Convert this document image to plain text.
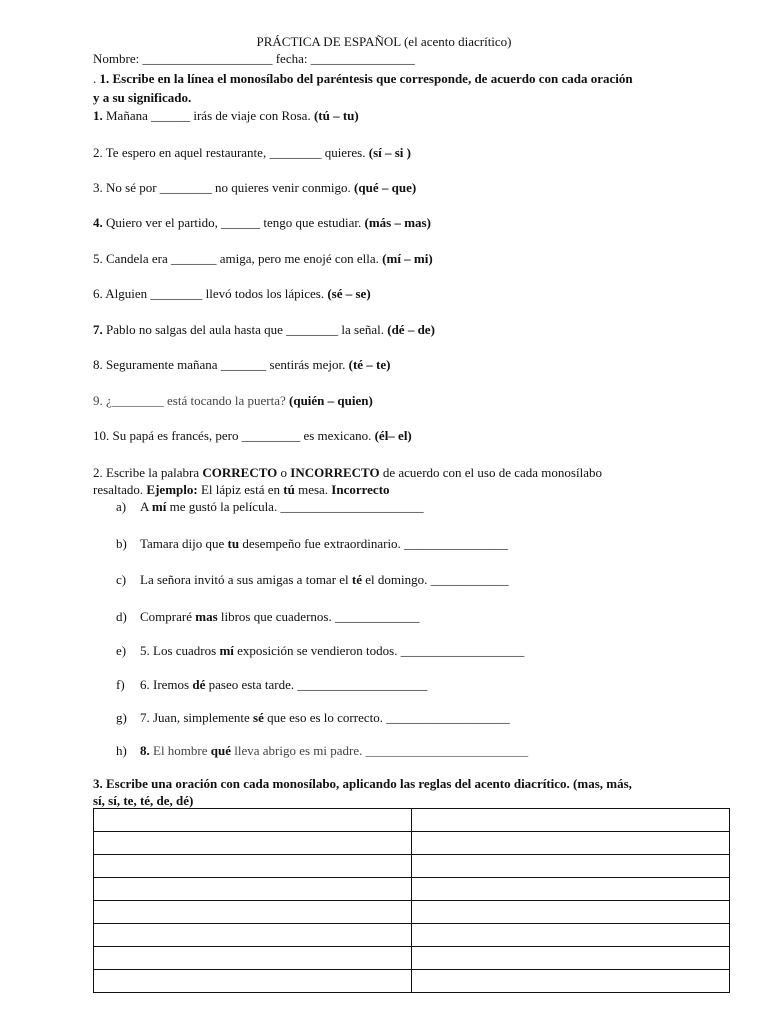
PRÁCTICA DE ESPAÑOL (el acento diacrítico)
Nombre: ____________________ fecha: ________________
. 1. Escribe en la línea el monosílabo del paréntesis que corresponde, de acuerdo con cada oración
y a su significado.
1. Mañana ______ irás de viaje con Rosa. (tú – tu)
2. Te espero en aquel restaurante, ________ quieres. (sí – si )
3. No sé por ________ no quieres venir conmigo. (qué – que)
4. Quiero ver el partido, ______ tengo que estudiar. (más – mas)
5. Candela era _______ amiga, pero me enojé con ella. (mí – mi)
6. Alguien ________ llevó todos los lápices. (sé – se)
7. Pablo no salgas del aula hasta que ________ la señal. (dé – de)
8. Seguramente mañana _______ sentirás mejor. (té – te)
9. ¿________ está tocando la puerta? (quién – quien)
10. Su papá es francés, pero _________ es mexicano. (él– el)
2. Escribe la palabra CORRECTO o INCORRECTO de acuerdo con el uso de cada monosílabo
resaltado. Ejemplo: El lápiz está en tú mesa. Incorrecto
a) A mí me gustó la película. ______________________
b) Tamara dijo que tu desempeño fue extraordinario. ________________
c) La señora invitó a sus amigas a tomar el té el domingo. ____________
d) Compraré mas libros que cuadernos. _____________
e) 5. Los cuadros mí exposición se vendieron todos. ___________________
f) 6. Iremos dé paseo esta tarde. ____________________
g) 7. Juan, simplemente sé que eso es lo correcto. ___________________
h) 8. El hombre qué lleva abrigo es mi padre. _________________________
3. Escribe una oración con cada monosílabo, aplicando las reglas del acento diacrítico. (mas, más,
sí, sí, te, té, de, dé)
